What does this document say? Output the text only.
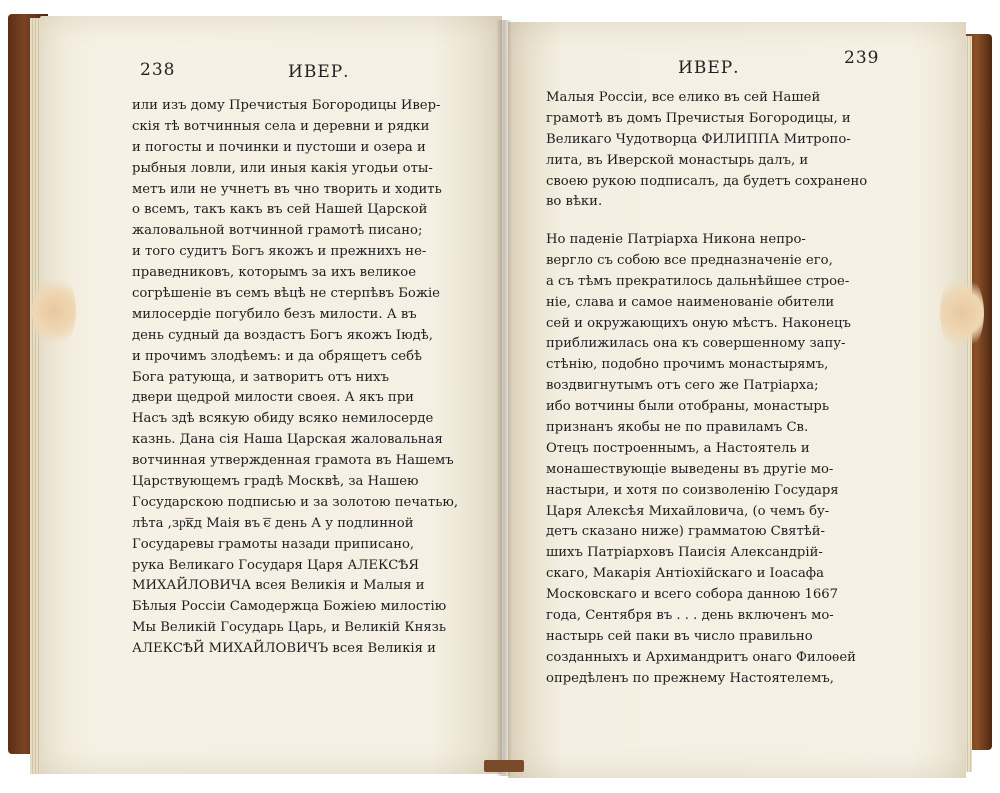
238	ИВЕР.
или изъ дому Пречистыя Богородицы Ивер-
скія тѣ вотчинныя села и деревни и рядки
и погосты и починки и пустоши и озера и
рыбныя ловли, или иныя какія угодьи оты-
метъ или не учнетъ въ чно творить и ходить
о всемъ, такъ какъ въ сей Нашей Царской
жаловальной вотчинной грамотѣ писано;
и того судитъ Богъ якожъ и прежнихъ не-
праведниковъ, которымъ за ихъ великое
согрѣшеніе въ семъ вѣцѣ не стерпѣвъ Божіе
милосердіе погубило безъ милости. А въ
день судный да воздастъ Богъ якожъ Іюдѣ,
и прочимъ злодѣемъ: и да обрящетъ себѣ
Бога ратующа, и затворитъ отъ нихъ
двери щедрой милости своея. А якъ при
Насъ здѣ всякую обиду всяко немилосерде
казнь. Дана сія Наша Царская жаловальная
вотчинная утвержденная грамота въ Нашемъ
Царствующемъ градѣ Москвѣ, за Нашею
Государскою подписью и за золотою печатью,
лѣта ,зр͞кд Маія въ ͞є день А у подлинной
Государевы грамоты назади приписано,
рука Великаго Государя Царя АЛЕКСѢЯ
МИХАЙЛОВИЧА всея Великія и Малыя и
Бѣлыя Россіи Самодержца Божіею милостію
Мы Великій Государь Царь, и Великій Князь
АЛЕКСѢЙ МИХАЙЛОВИЧЪ всея Великія и
ИВЕР.	239
Малыя Россіи, все елико въ сей Нашей
грамотѣ въ домъ Пречистыя Богородицы, и
Великаго Чудотворца ФИЛИППА Митропо-
лита, въ Иверской монастырь далъ, и
своею рукою подписалъ, да будетъ сохранено
во вѣки.
Но паденіе Патріарха Никона непро-
вергло съ собою все предназначеніе его,
а съ тѣмъ прекратилось дальнѣйшее строе-
ніе, слава и самое наименованіе обители
сей и окружающихъ оную мѣстъ. Наконецъ
приближилась она къ совершенному запу-
стѣнію, подобно прочимъ монастырямъ,
воздвигнутымъ отъ сего же Патріарха;
ибо вотчины были отобраны, монастырь
признанъ якобы не по правиламъ Св.
Отецъ построеннымъ, а Настоятель и
монашествующіе выведены въ другіе мо-
настыри, и хотя по соизволенію Государя
Царя Алексѣя Михайловича, (о чемъ бу-
детъ сказано ниже) грамматою Святѣй-
шихъ Патріарховъ Паисія Александрій-
скаго, Макарія Антіохійскаго и Іоасафа
Московскаго и всего собора данною 1667
года, Сентября въ . . . день включенъ мо-
настырь сей паки въ число правильно
созданныхъ и Архимандритъ онаго Филоѳей
опредѣленъ по прежнему Настоятелемъ,
